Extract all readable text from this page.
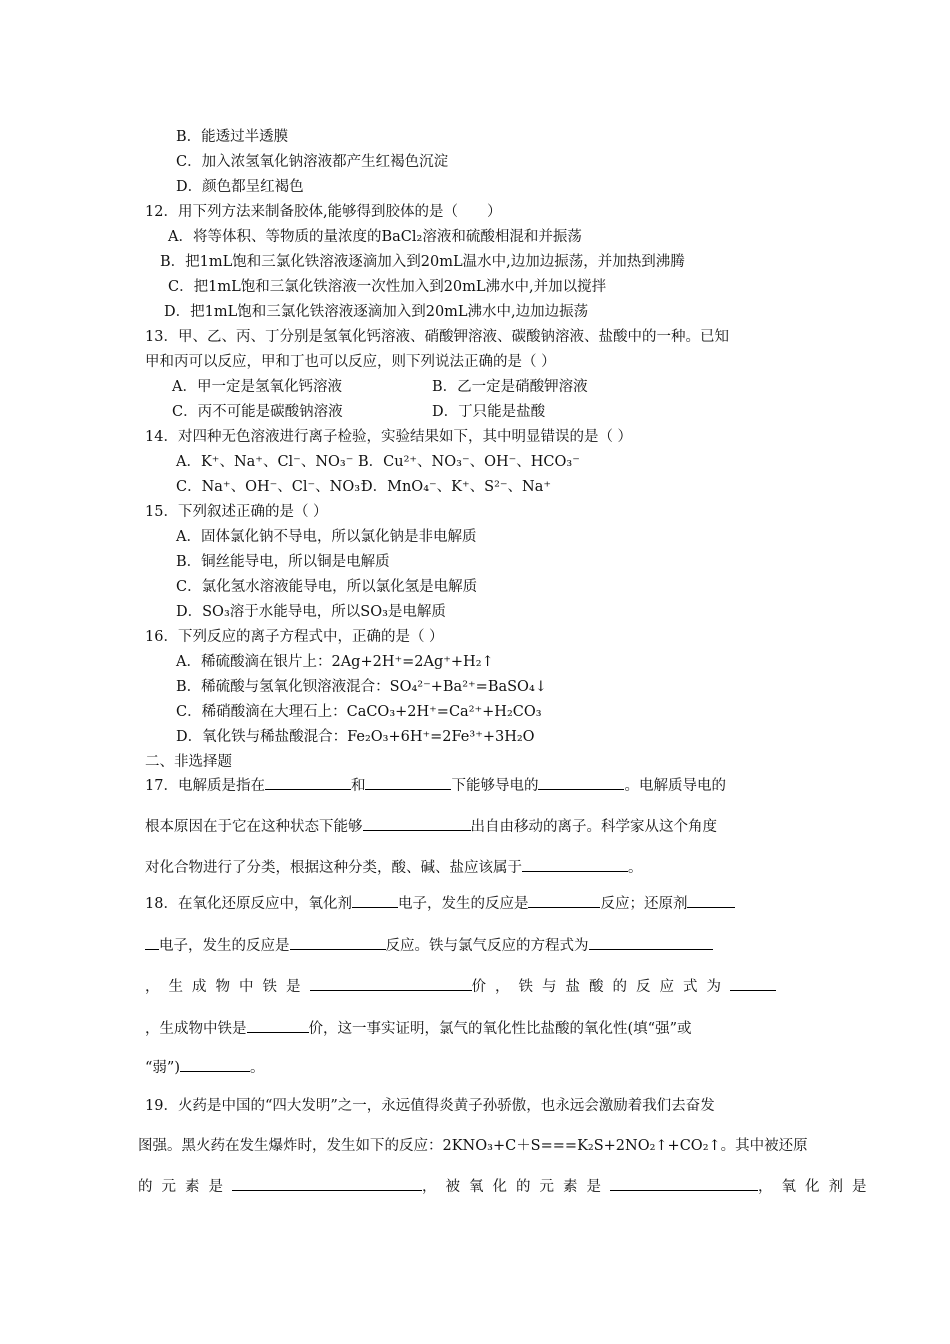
B．能透过半透膜
C．加入浓氢氧化钠溶液都产生红褐色沉淀
D．颜色都呈红褐色
12．用下列方法来制备胶体,能够得到胶体的是（　　）
A．将等体积、等物质的量浓度的BaCl₂溶液和硫酸相混和并振荡
B．把1mL饱和三氯化铁溶液逐滴加入到20mL温水中,边加边振荡，并加热到沸腾
C．把1mL饱和三氯化铁溶液一次性加入到20mL沸水中,并加以搅拌
D．把1mL饱和三氯化铁溶液逐滴加入到20mL沸水中,边加边振荡
13．甲、乙、丙、丁分别是氢氧化钙溶液、硝酸钾溶液、碳酸钠溶液、盐酸中的一种。已知
甲和丙可以反应，甲和丁也可以反应，则下列说法正确的是（ ）
A．甲一定是氢氧化钙溶液	B．乙一定是硝酸钾溶液
C．丙不可能是碳酸钠溶液	D．丁只能是盐酸
14．对四种无色溶液进行离子检验，实验结果如下，其中明显错误的是（ ）
A．K⁺、Na⁺、Cl⁻、NO₃⁻ B．Cu²⁺、NO₃⁻、OH⁻、HCO₃⁻
C．Na⁺、OH⁻、Cl⁻、NO₃⁻
D．MnO₄⁻、K⁺、S²⁻、Na⁺
15．下列叙述正确的是（ ）
A．固体氯化钠不导电，所以氯化钠是非电解质
B．铜丝能导电，所以铜是电解质
C．氯化氢水溶液能导电，所以氯化氢是电解质
D．SO₃溶于水能导电，所以SO₃是电解质
16．下列反应的离子方程式中，正确的是（ ）
A．稀硫酸滴在银片上：2Ag+2H⁺=2Ag⁺+H₂↑
B．稀硫酸与氢氧化钡溶液混合：SO₄²⁻+Ba²⁺=BaSO₄↓
C．稀硝酸滴在大理石上：CaCO₃+2H⁺=Ca²⁺+H₂CO₃
D．氧化铁与稀盐酸混合：Fe₂O₃+6H⁺=2Fe³⁺+3H₂O
二、非选择题
17．电解质是指在	和	下能够导电的	。电解质导电的
根本原因在于它在这种状态下能够	出自由移动的离子。科学家从这个角度
对化合物进行了分类，根据这种分类，酸、碱、盐应该属于	。
18．在氧化还原反应中，氧化剂	电子，发生的反应是	反应；还原剂
电子，发生的反应是	反应。铁与氯气反应的方程式为
，生成物中铁是	价，铁与盐酸的反应式为
，生成物中铁是	价，这一事实证明，氯气的氧化性比盐酸的氧化性(填“强”或
“弱”)	。
19．火药是中国的“四大发明”之一，永远值得炎黄子孙骄傲，也永远会激励着我们去奋发
图强。黑火药在发生爆炸时，发生如下的反应：2KNO₃+C＋S===K₂S+2NO₂↑+CO₂↑。其中被还原
的元素是	，被氧化的元素是	，氧化剂是
